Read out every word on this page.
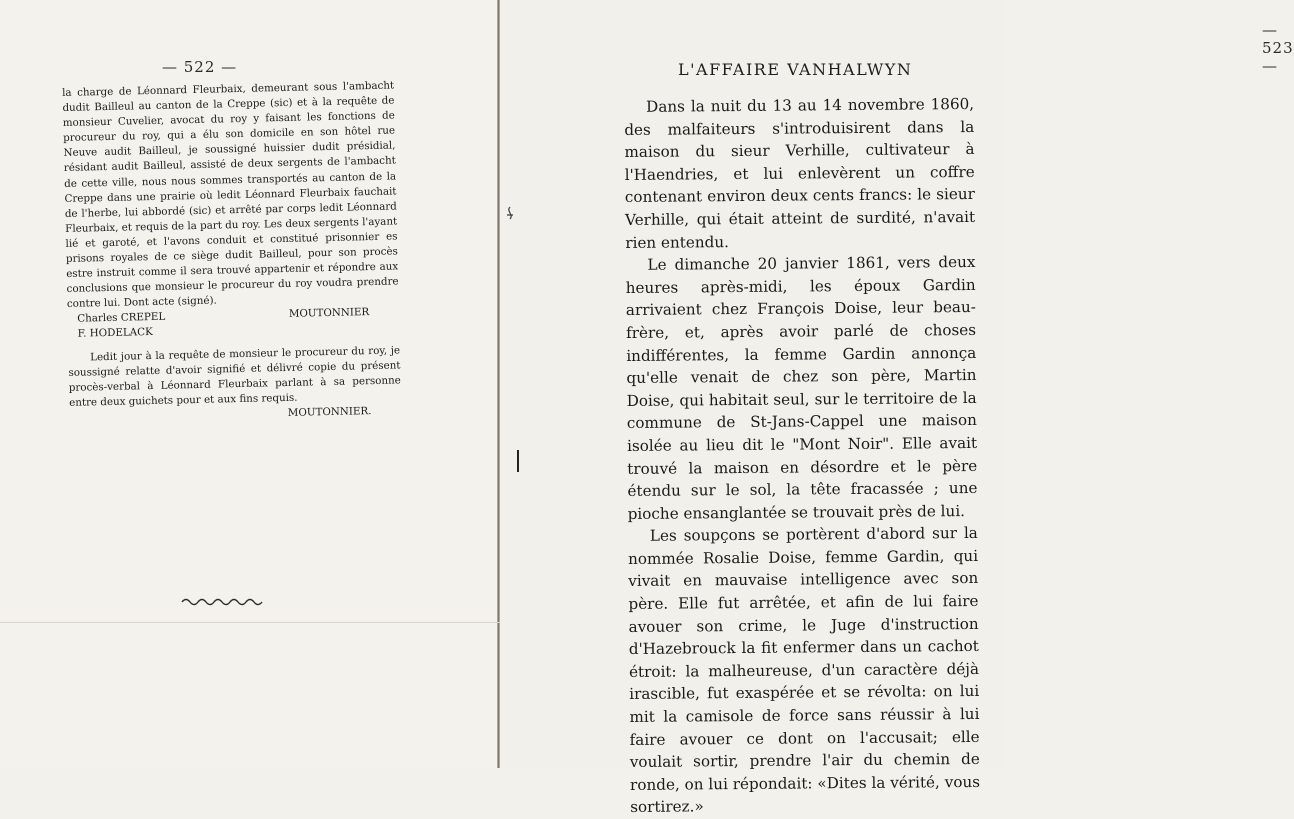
— 522 —

la charge de Léonnard Fleurbaix, demeurant sous l'ambacht dudit Bailleul au canton de la Creppe (sic) et à la requête de monsieur Cuvelier, avocat du roy y faisant les fonctions de procureur du roy, qui a élu son domicile en son hôtel rue Neuve audit Bailleul, je soussigné huissier dudit présidial, résidant audit Bailleul, assisté de deux sergents de l'ambacht de cette ville, nous nous sommes transportés au canton de la Creppe dans une prairie où ledit Léonnard Fleurbaix fauchait de l'herbe, lui abbordé (sic) et arrêté par corps ledit Léonnard Fleurbaix, et requis de la part du roy. Les deux sergents l'ayant lié et garoté, et l'avons conduit et constitué prisonnier es prisons royales de ce siège dudit Bailleul, pour son procès estre instruit comme il sera trouvé appartenir et répondre aux conclusions que monsieur le procureur du roy voudra prendre contre lui. Dont acte (signé).

Charles CREPEL	MOUTONNIER
F. HODELACK

Ledit jour à la requête de monsieur le procureur du roy, je soussigné relatte d'avoir signifié et délivré copie du présent procès-verbal à Léonnard Fleurbaix parlant à sa personne entre deux guichets pour et aux fins requis.

MOUTONNIER.
— 523 —
L'AFFAIRE VANHALWYN

Dans la nuit du 13 au 14 novembre 1860, des malfaiteurs s'introduisirent dans la maison du sieur Verhille, cultivateur à l'Haendries, et lui enlevèrent un coffre contenant environ deux cents francs: le sieur Verhille, qui était atteint de surdité, n'avait rien entendu.

Le dimanche 20 janvier 1861, vers deux heures après-midi, les époux Gardin arrivaient chez François Doise, leur beau-frère, et, après avoir parlé de choses indifférentes, la femme Gardin annonça qu'elle venait de chez son père, Martin Doise, qui habitait seul, sur le territoire de la commune de St-Jans-Cappel une maison isolée au lieu dit le "Mont Noir". Elle avait trouvé la maison en désordre et le père étendu sur le sol, la tête fracassée ; une pioche ensanglantée se trouvait près de lui.

Les soupçons se portèrent d'abord sur la nommée Rosalie Doise, femme Gardin, qui vivait en mauvaise intelligence avec son père. Elle fut arrêtée, et afin de lui faire avouer son crime, le Juge d'instruction d'Hazebrouck la fit enfermer dans un cachot étroit: la malheureuse, d'un caractère déjà irascible, fut exaspérée et se révolta: on lui mit la camisole de force sans réussir à lui faire avouer ce dont on l'accusait; elle voulait sortir, prendre l'air du chemin de ronde, on lui répondait: «Dites la vérité, vous sortirez.»
